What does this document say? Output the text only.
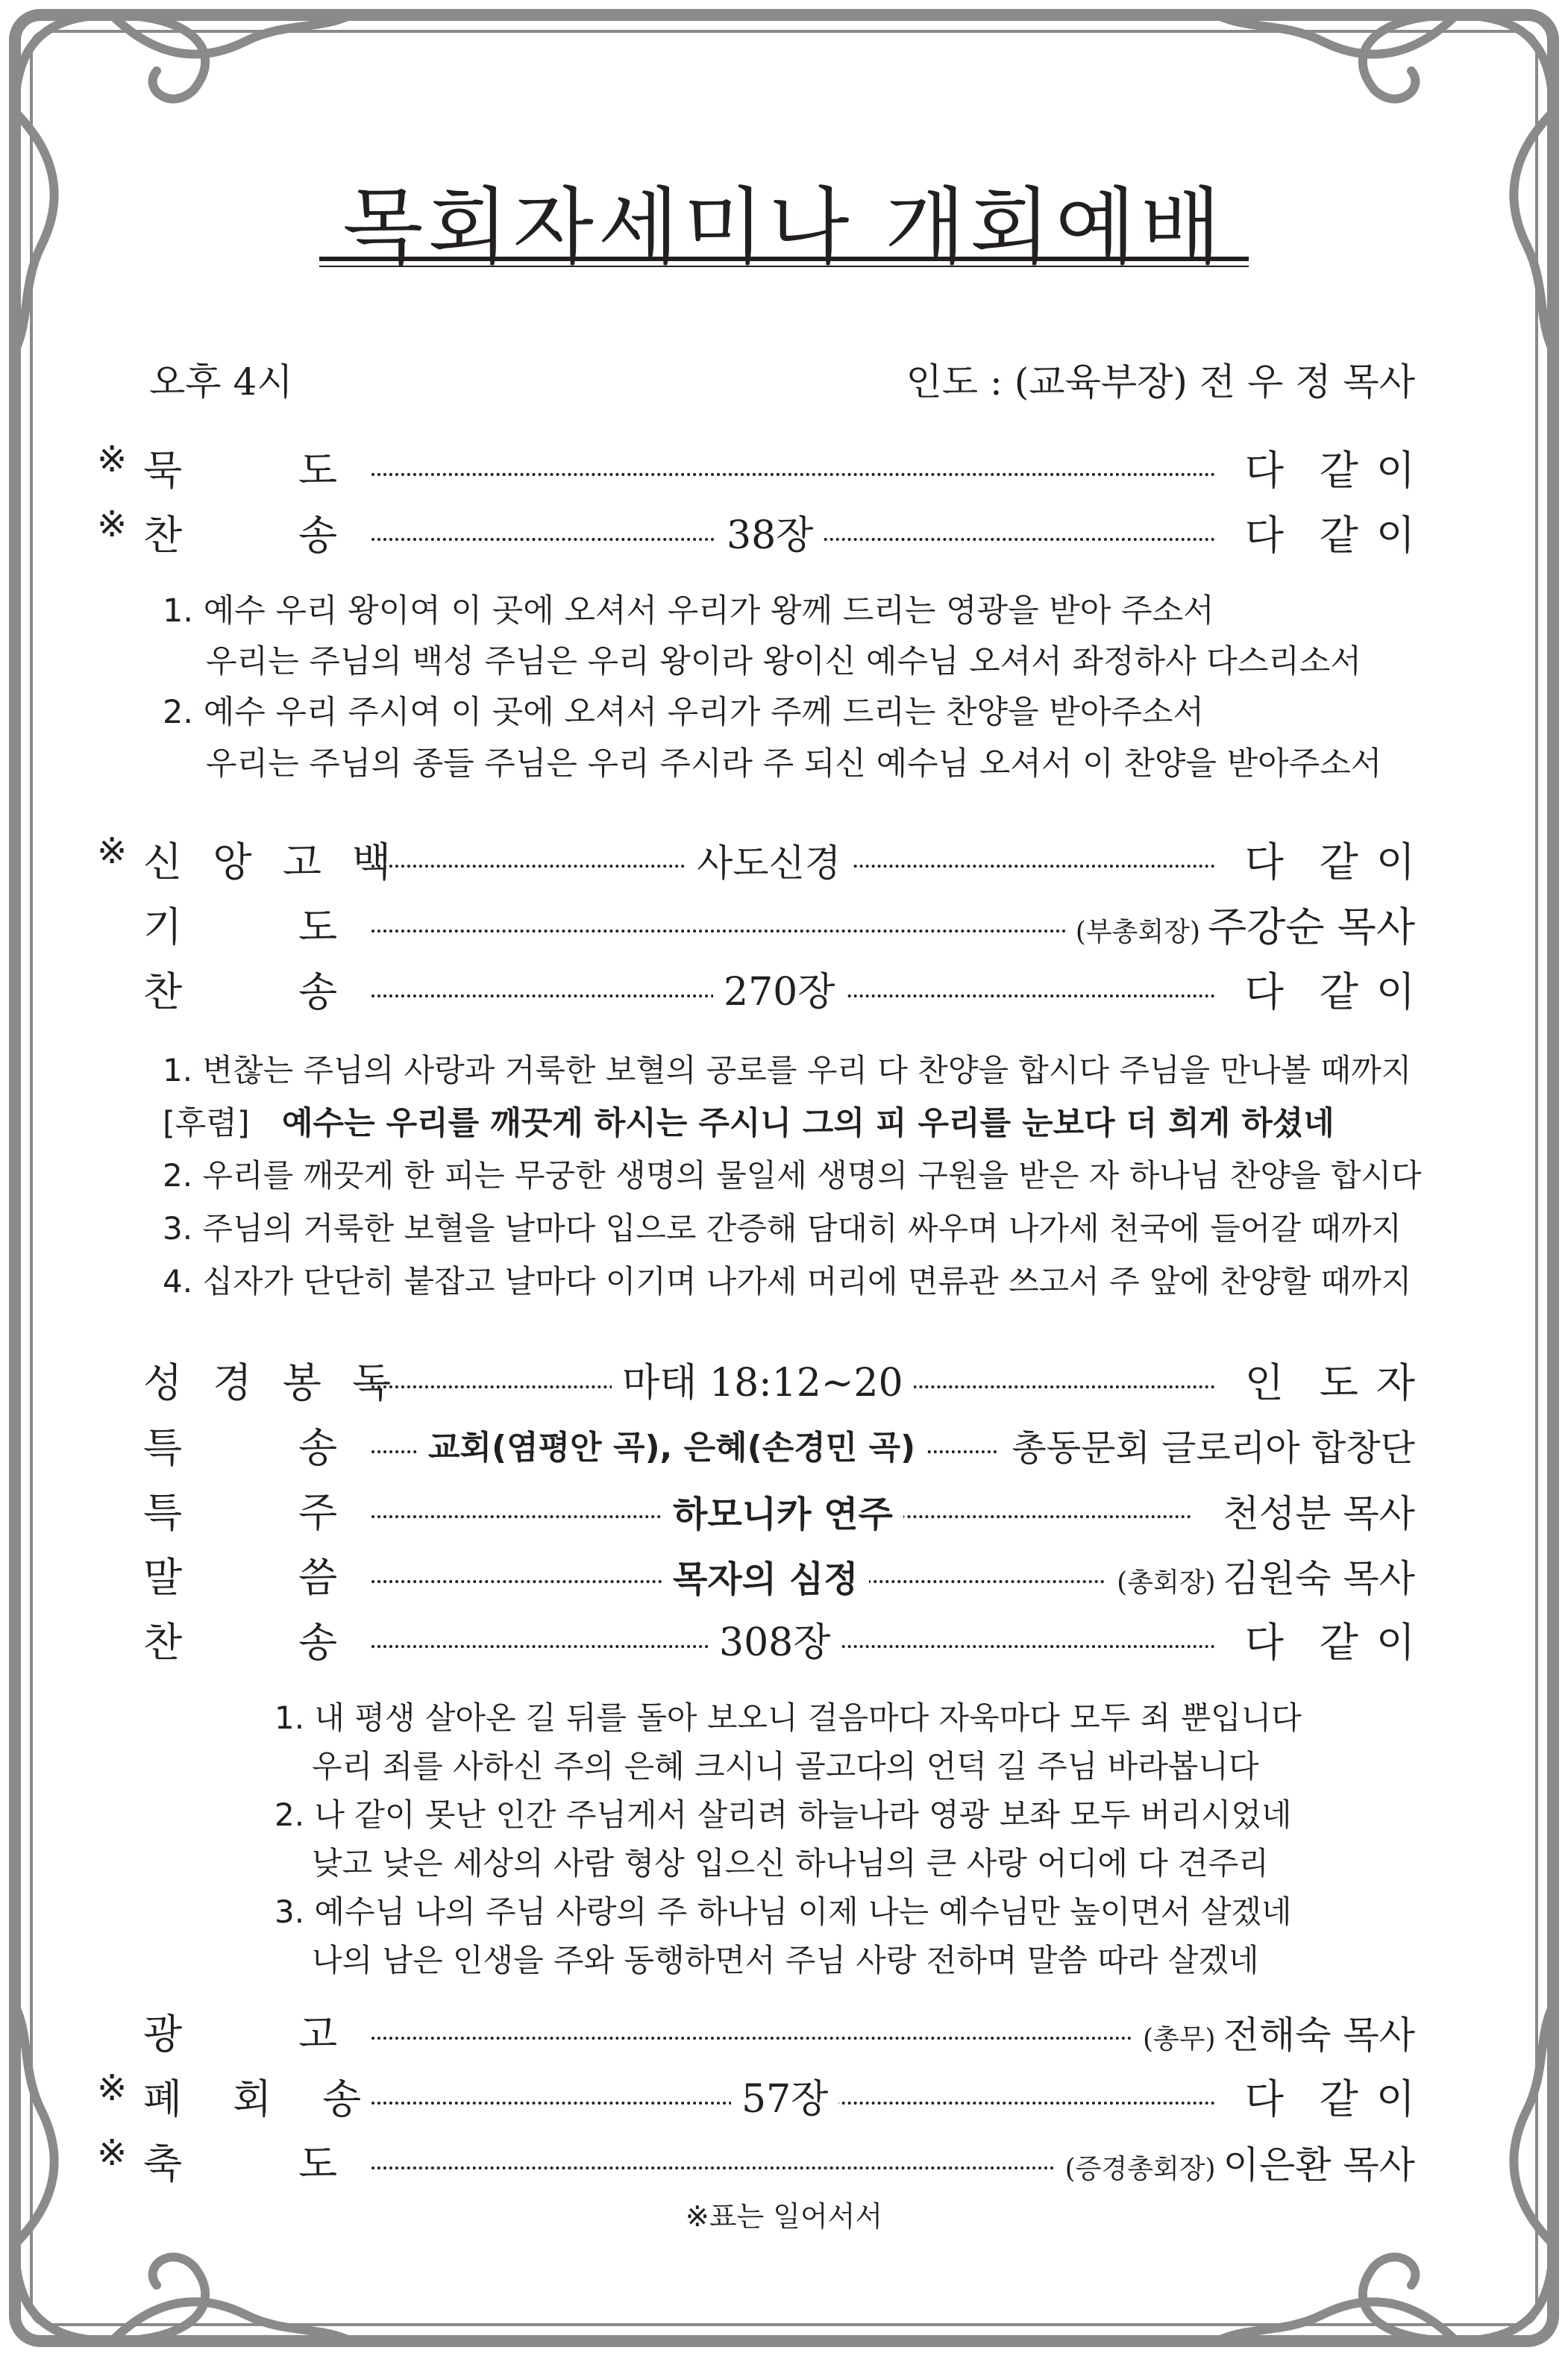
목회자세미나 개회예배
오후 4시	인도 : (교육부장) 전 우 정 목사
※ 묵	도	다 같 이
※ 찬	송	38장	다 같 이
1. 예수 우리 왕이여 이 곳에 오셔서 우리가 왕께 드리는 영광을 받아 주소서
우리는 주님의 백성 주님은 우리 왕이라 왕이신 예수님 오셔서 좌정하사 다스리소서
2. 예수 우리 주시여 이 곳에 오셔서 우리가 주께 드리는 찬양을 받아주소서
우리는 주님의 종들 주님은 우리 주시라 주 되신 예수님 오셔서 이 찬양을 받아주소서
※ 신 앙 고 백	사도신경	다 같 이
기	도	(부총회장) 주강순 목사
찬	송	270장	다 같 이
1. 변찮는 주님의 사랑과 거룩한 보혈의 공로를 우리 다 찬양을 합시다 주님을 만나볼 때까지
[후렴] 예수는 우리를 깨끗게 하시는 주시니 그의 피 우리를 눈보다 더 희게 하셨네
2. 우리를 깨끗게 한 피는 무궁한 생명의 물일세 생명의 구원을 받은 자 하나님 찬양을 합시다
3. 주님의 거룩한 보혈을 날마다 입으로 간증해 담대히 싸우며 나가세 천국에 들어갈 때까지
4. 십자가 단단히 붙잡고 날마다 이기며 나가세 머리에 면류관 쓰고서 주 앞에 찬양할 때까지
성 경 봉 독	마태 18:12~20	인 도 자
특	송	교회(염평안 곡), 은혜(손경민 곡)	총동문회 글로리아 합창단
특	주	하모니카 연주	천성분 목사
말	씀	목자의 심정	(총회장) 김원숙 목사
찬	송	308장	다 같 이
1. 내 평생 살아온 길 뒤를 돌아 보오니 걸음마다 자욱마다 모두 죄 뿐입니다
우리 죄를 사하신 주의 은혜 크시니 골고다의 언덕 길 주님 바라봅니다
2. 나 같이 못난 인간 주님게서 살리려 하늘나라 영광 보좌 모두 버리시었네
낮고 낮은 세상의 사람 형상 입으신 하나님의 큰 사랑 어디에 다 견주리
3. 예수님 나의 주님 사랑의 주 하나님 이제 나는 예수님만 높이면서 살겠네
나의 남은 인생을 주와 동행하면서 주님 사랑 전하며 말씀 따라 살겠네
광	고	(총무) 전해숙 목사
※ 폐 회 송	57장	다 같 이
※ 축	도	(증경총회장) 이은환 목사
※표는 일어서서
